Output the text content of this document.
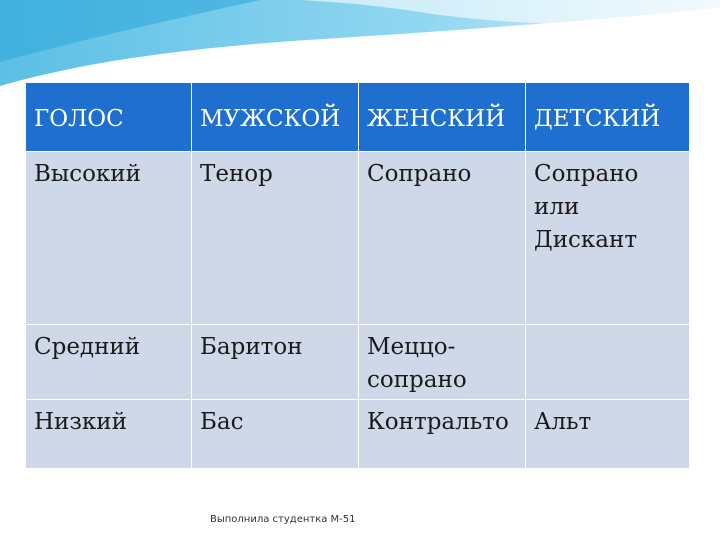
ГОЛОС	МУЖСКОЙ	ЖЕНСКИЙ	ДЕТСКИЙ
Высокий	Тенор	Сопрано	Сопрано
или
Дискант
Средний	Баритон	Меццо-
сопрано	
Низкий	Бас	Контральто	Альт
Выполнила студентка М-51
